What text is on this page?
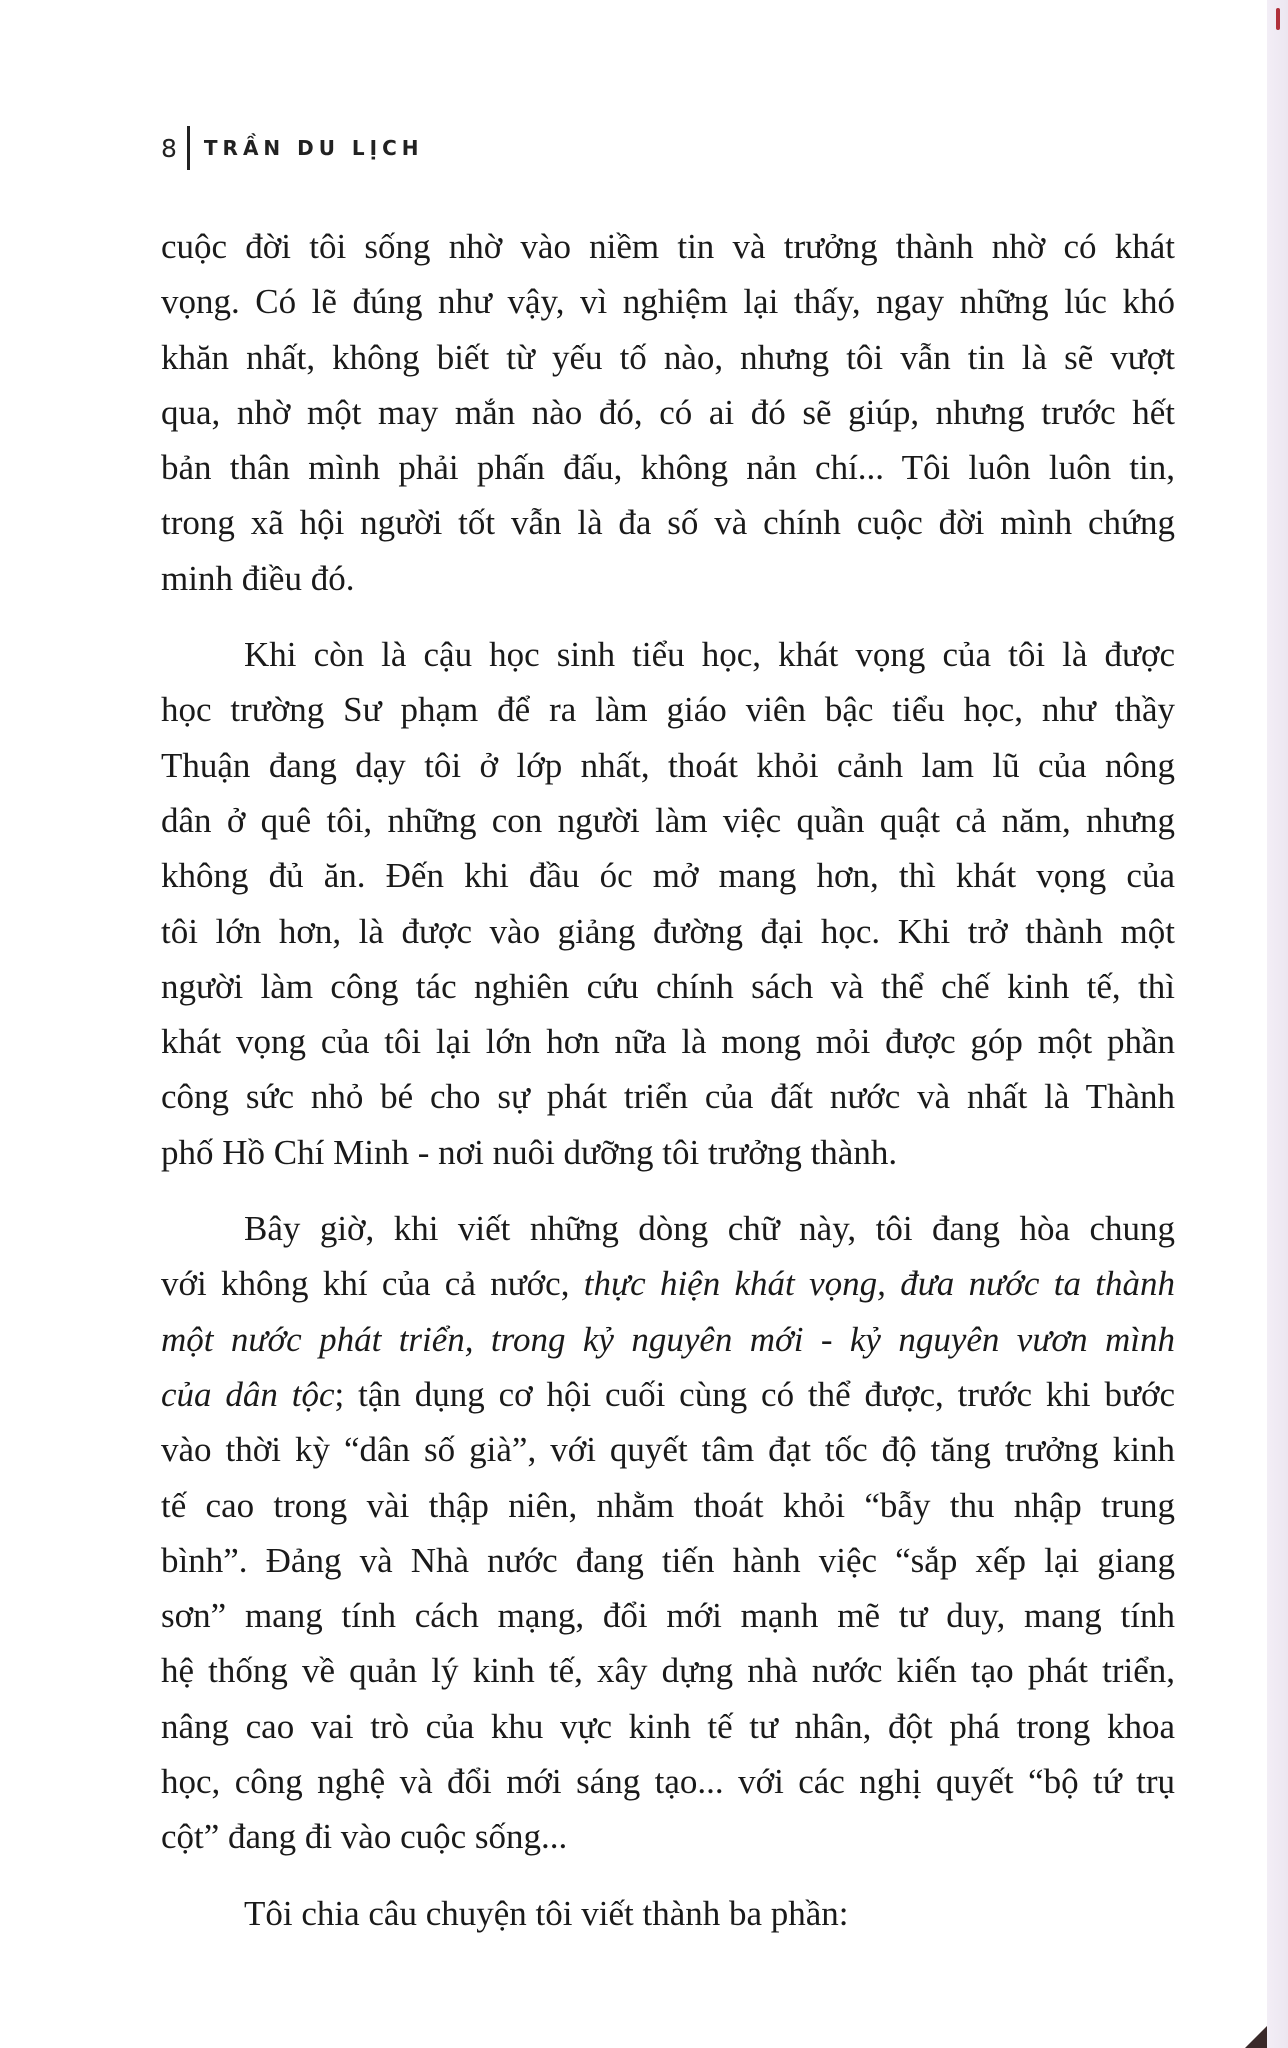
8 TRẦN DU LỊCH
cuộc đời tôi sống nhờ vào niềm tin và trưởng thành nhờ có khát
vọng. Có lẽ đúng như vậy, vì nghiệm lại thấy, ngay những lúc khó
khăn nhất, không biết từ yếu tố nào, nhưng tôi vẫn tin là sẽ vượt
qua, nhờ một may mắn nào đó, có ai đó sẽ giúp, nhưng trước hết
bản thân mình phải phấn đấu, không nản chí... Tôi luôn luôn tin,
trong xã hội người tốt vẫn là đa số và chính cuộc đời mình chứng
minh điều đó.
Khi còn là cậu học sinh tiểu học, khát vọng của tôi là được
học trường Sư phạm để ra làm giáo viên bậc tiểu học, như thầy
Thuận đang dạy tôi ở lớp nhất, thoát khỏi cảnh lam lũ của nông
dân ở quê tôi, những con người làm việc quần quật cả năm, nhưng
không đủ ăn. Đến khi đầu óc mở mang hơn, thì khát vọng của
tôi lớn hơn, là được vào giảng đường đại học. Khi trở thành một
người làm công tác nghiên cứu chính sách và thể chế kinh tế, thì
khát vọng của tôi lại lớn hơn nữa là mong mỏi được góp một phần
công sức nhỏ bé cho sự phát triển của đất nước và nhất là Thành
phố Hồ Chí Minh - nơi nuôi dưỡng tôi trưởng thành.
Bây giờ, khi viết những dòng chữ này, tôi đang hòa chung
với không khí của cả nước, thực hiện khát vọng, đưa nước ta thành
một nước phát triển, trong kỷ nguyên mới - kỷ nguyên vươn mình
của dân tộc; tận dụng cơ hội cuối cùng có thể được, trước khi bước
vào thời kỳ “dân số già”, với quyết tâm đạt tốc độ tăng trưởng kinh
tế cao trong vài thập niên, nhằm thoát khỏi “bẫy thu nhập trung
bình”. Đảng và Nhà nước đang tiến hành việc “sắp xếp lại giang
sơn” mang tính cách mạng, đổi mới mạnh mẽ tư duy, mang tính
hệ thống về quản lý kinh tế, xây dựng nhà nước kiến tạo phát triển,
nâng cao vai trò của khu vực kinh tế tư nhân, đột phá trong khoa
học, công nghệ và đổi mới sáng tạo... với các nghị quyết “bộ tứ trụ
cột” đang đi vào cuộc sống...
Tôi chia câu chuyện tôi viết thành ba phần:
